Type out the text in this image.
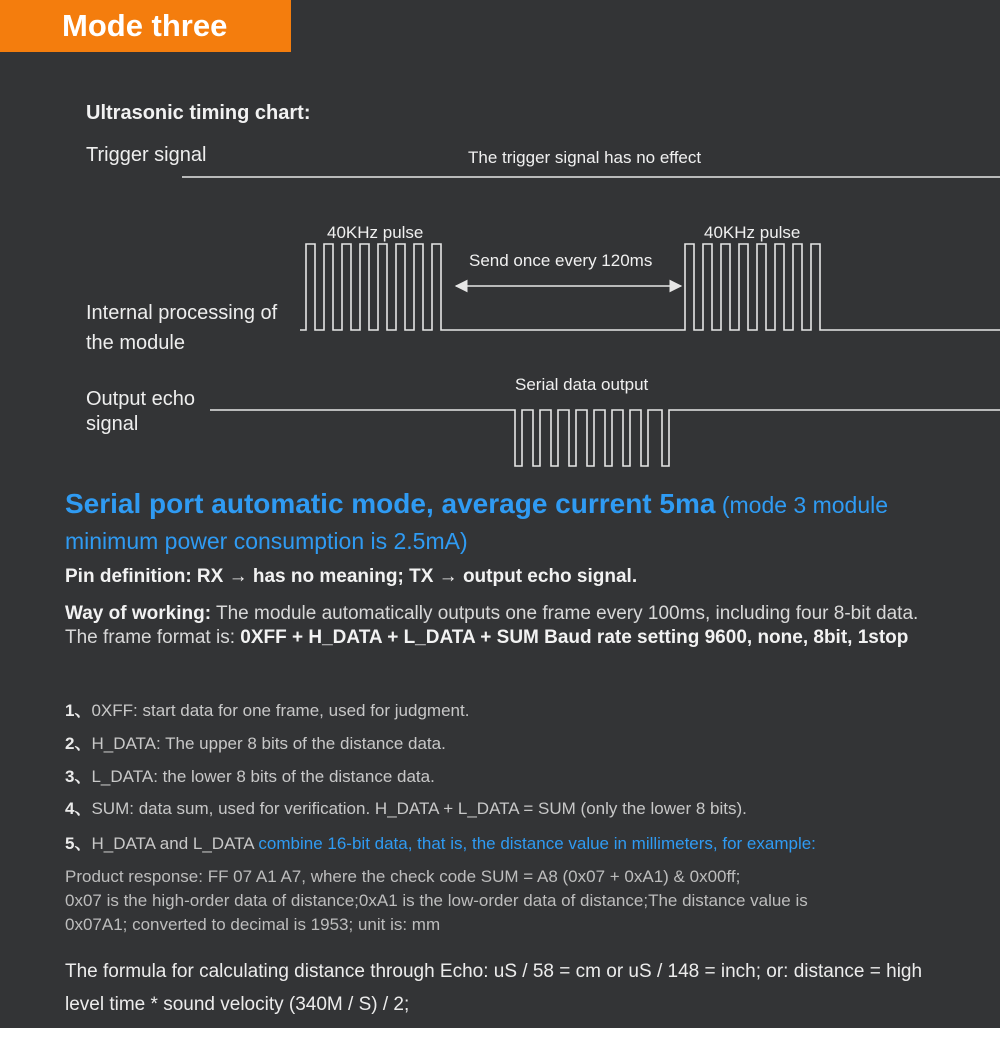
Mode three
Ultrasonic timing chart:
Trigger signal
Internal processing of
the module
Output echo
signal
The trigger signal has no effect
40KHz pulse	40KHz pulse
Send once every 120ms
Serial data output
Serial port automatic mode, average current 5ma (mode 3 module minimum power consumption is 2.5mA)
Pin definition: RX → has no meaning; TX → output echo signal.
Way of working: The module automatically outputs one frame every 100ms, including four 8-bit data. The frame format is: 0XFF + H_DATA + L_DATA + SUM Baud rate setting 9600, none, 8bit, 1stop
1、0XFF: start data for one frame, used for judgment.
2、H_DATA: The upper 8 bits of the distance data.
3、L_DATA: the lower 8 bits of the distance data.
4、SUM: data sum, used for verification. H_DATA + L_DATA = SUM (only the lower 8 bits).
5、H_DATA and L_DATA combine 16-bit data, that is, the distance value in millimeters, for example:
Product response: FF 07 A1 A7, where the check code SUM = A8 (0x07 + 0xA1) & 0x00ff;
0x07 is the high-order data of distance;0xA1 is the low-order data of distance;The distance value is
0x07A1; converted to decimal is 1953; unit is: mm
The formula for calculating distance through Echo: uS / 58 = cm or uS / 148 = inch; or: distance = high level time * sound velocity (340M / S) / 2;
